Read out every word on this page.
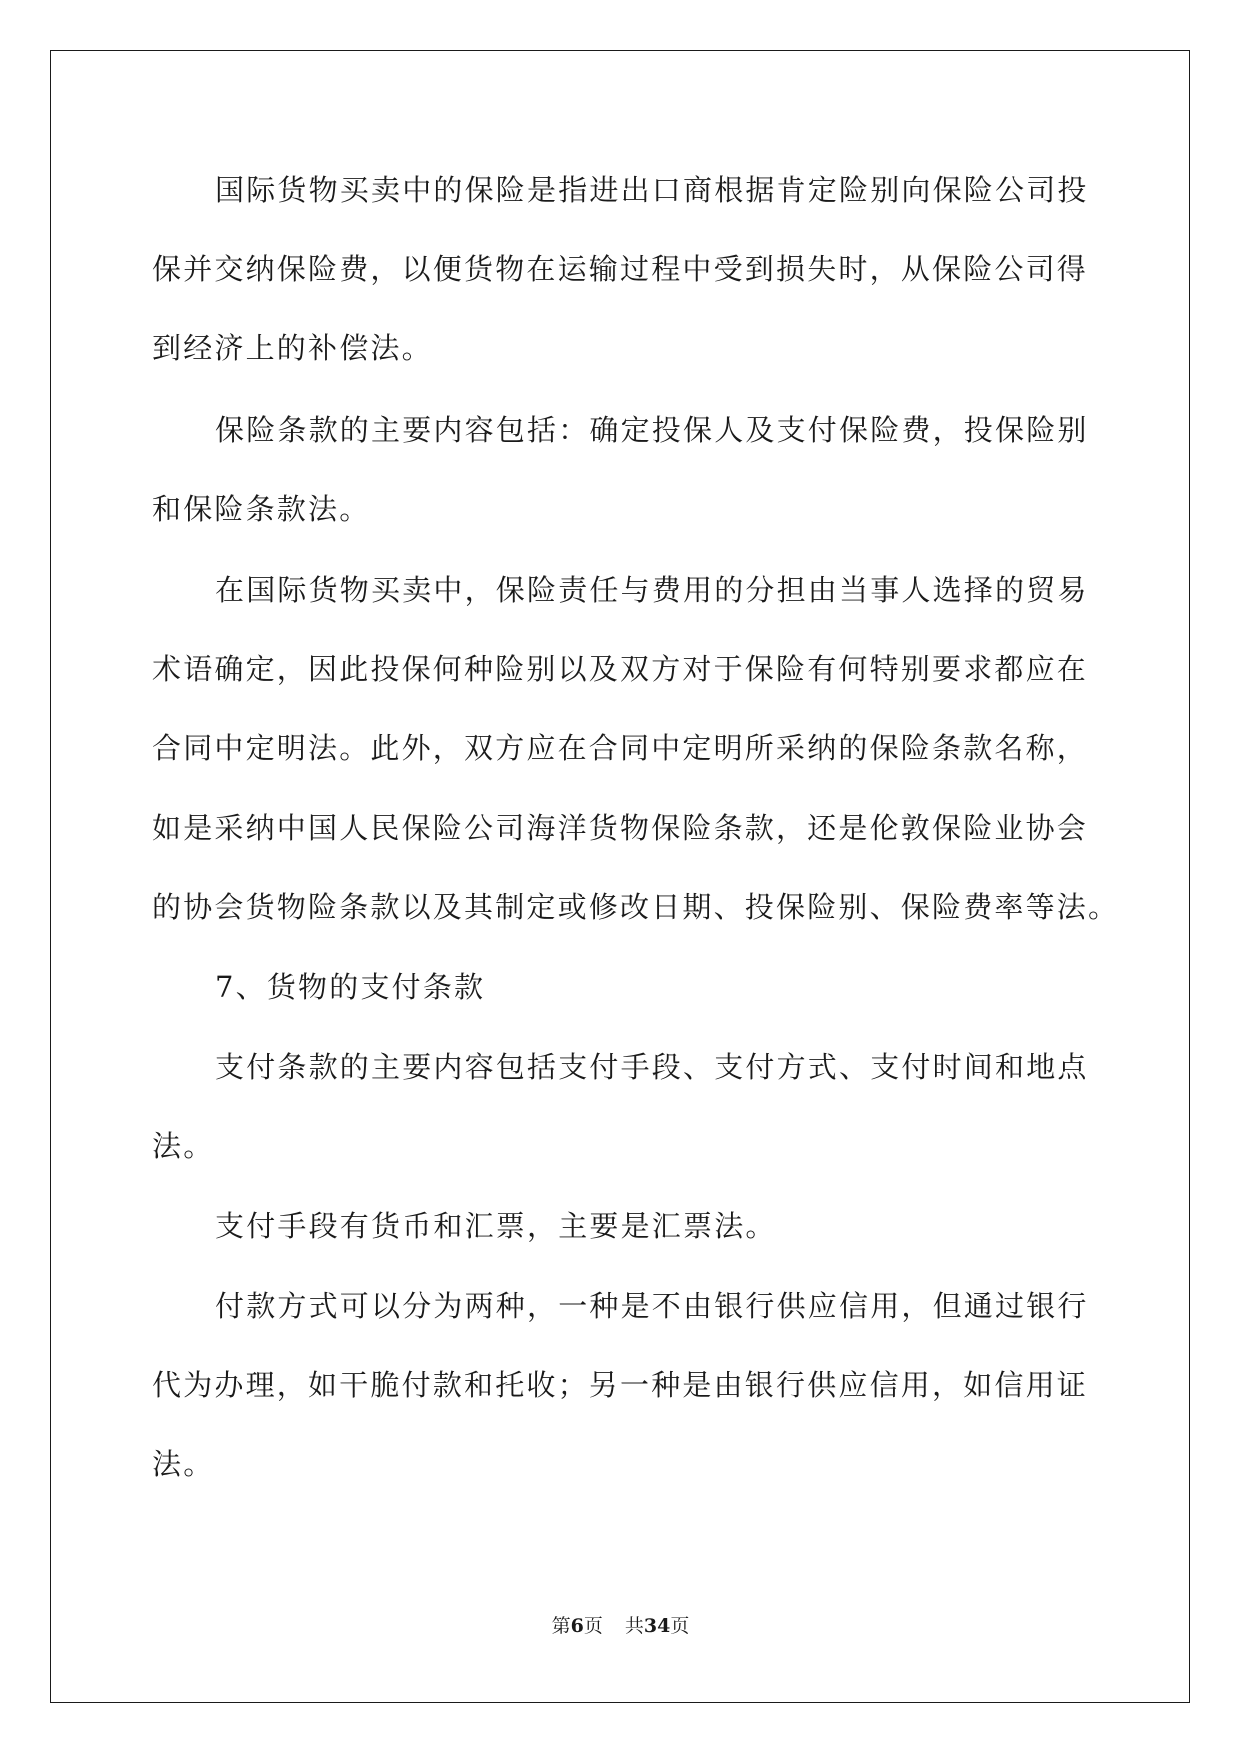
国际货物买卖中的保险是指进出口商根据肯定险别向保险公司投
保并交纳保险费，以便货物在运输过程中受到损失时，从保险公司得
到经济上的补偿法。
保险条款的主要内容包括：确定投保人及支付保险费，投保险别
和保险条款法。
在国际货物买卖中，保险责任与费用的分担由当事人选择的贸易
术语确定，因此投保何种险别以及双方对于保险有何特别要求都应在
合同中定明法。此外，双方应在合同中定明所采纳的保险条款名称，
如是采纳中国人民保险公司海洋货物保险条款，还是伦敦保险业协会
的协会货物险条款以及其制定或修改日期、投保险别、保险费率等法。
7、货物的支付条款
支付条款的主要内容包括支付手段、支付方式、支付时间和地点
法。
支付手段有货币和汇票，主要是汇票法。
付款方式可以分为两种，一种是不由银行供应信用，但通过银行
代为办理，如干脆付款和托收；另一种是由银行供应信用，如信用证
法。
第6页 共34页
